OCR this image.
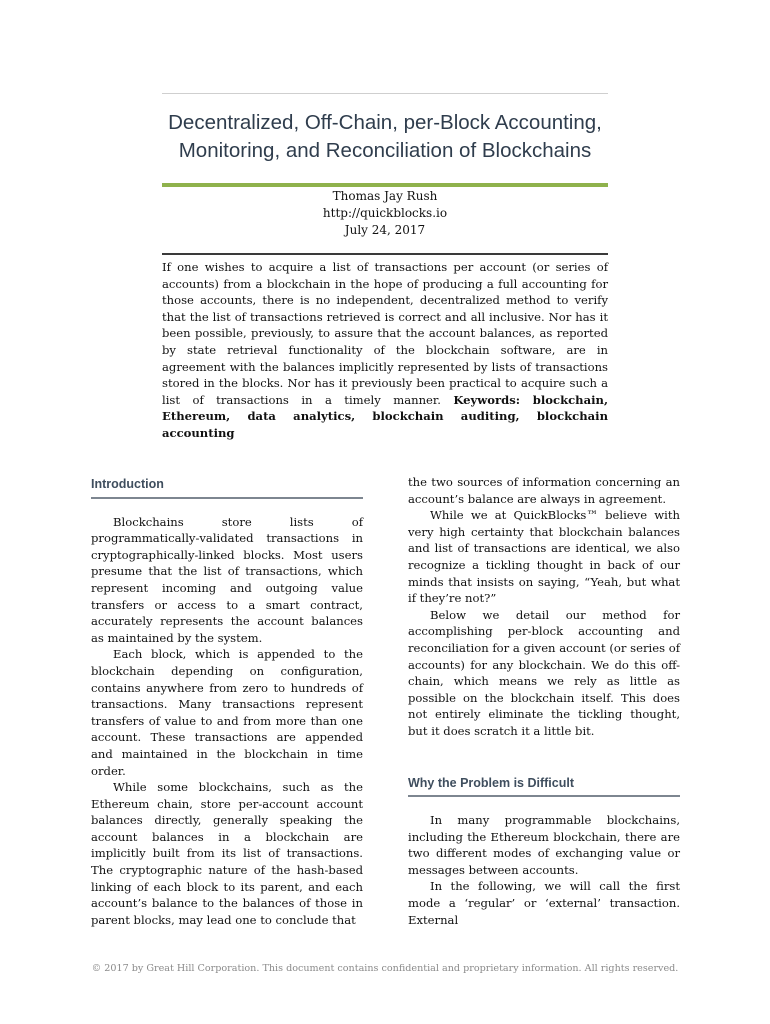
Decentralized, Off-Chain, per-Block Accounting,
Monitoring, and Reconciliation of Blockchains
Thomas Jay Rush
http://quickblocks.io
July 24, 2017
If one wishes to acquire a list of transactions per account (or series of accounts) from a blockchain in the hope of producing a full accounting for those accounts, there is no independent, decentralized method to verify that the list of transactions retrieved is correct and all inclusive. Nor has it been possible, previously, to assure that the account balances, as reported by state retrieval functionality of the blockchain software, are in agreement with the balances implicitly represented by lists of transactions stored in the blocks. Nor has it previously been practical to acquire such a list of transactions in a timely manner. Keywords: blockchain, Ethereum, data analytics, blockchain auditing, blockchain accounting
Introduction

Blockchains store lists of programmatically-validated transactions in cryptographically-linked blocks. Most users presume that the list of transactions, which represent incoming and outgoing value transfers or access to a smart contract, accurately represents the account balances as maintained by the system.

Each block, which is appended to the blockchain depending on configuration, contains anywhere from zero to hundreds of transactions. Many transactions represent transfers of value to and from more than one account. These transactions are appended and maintained in the blockchain in time order.

While some blockchains, such as the Ethereum chain, store per-account account balances directly, generally speaking the account balances in a blockchain are implicitly built from its list of transactions. The cryptographic nature of the hash-based linking of each block to its parent, and each account’s balance to the balances of those in parent blocks, may lead one to conclude that

the two sources of information concerning an account’s balance are always in agreement.

While we at QuickBlocks™ believe with very high certainty that blockchain balances and list of transactions are identical, we also recognize a tickling thought in back of our minds that insists on saying, “Yeah, but what if they’re not?”

Below we detail our method for accomplishing per-block accounting and reconciliation for a given account (or series of accounts) for any blockchain. We do this off-chain, which means we rely as little as possible on the blockchain itself. This does not entirely eliminate the tickling thought, but it does scratch it a little bit.

Why the Problem is Difficult

In many programmable blockchains, including the Ethereum blockchain, there are two different modes of exchanging value or messages between accounts.

In the following, we will call the first mode a ‘regular’ or ‘external’ transaction. External

© 2017 by Great Hill Corporation. This document contains confidential and proprietary information. All rights reserved.
